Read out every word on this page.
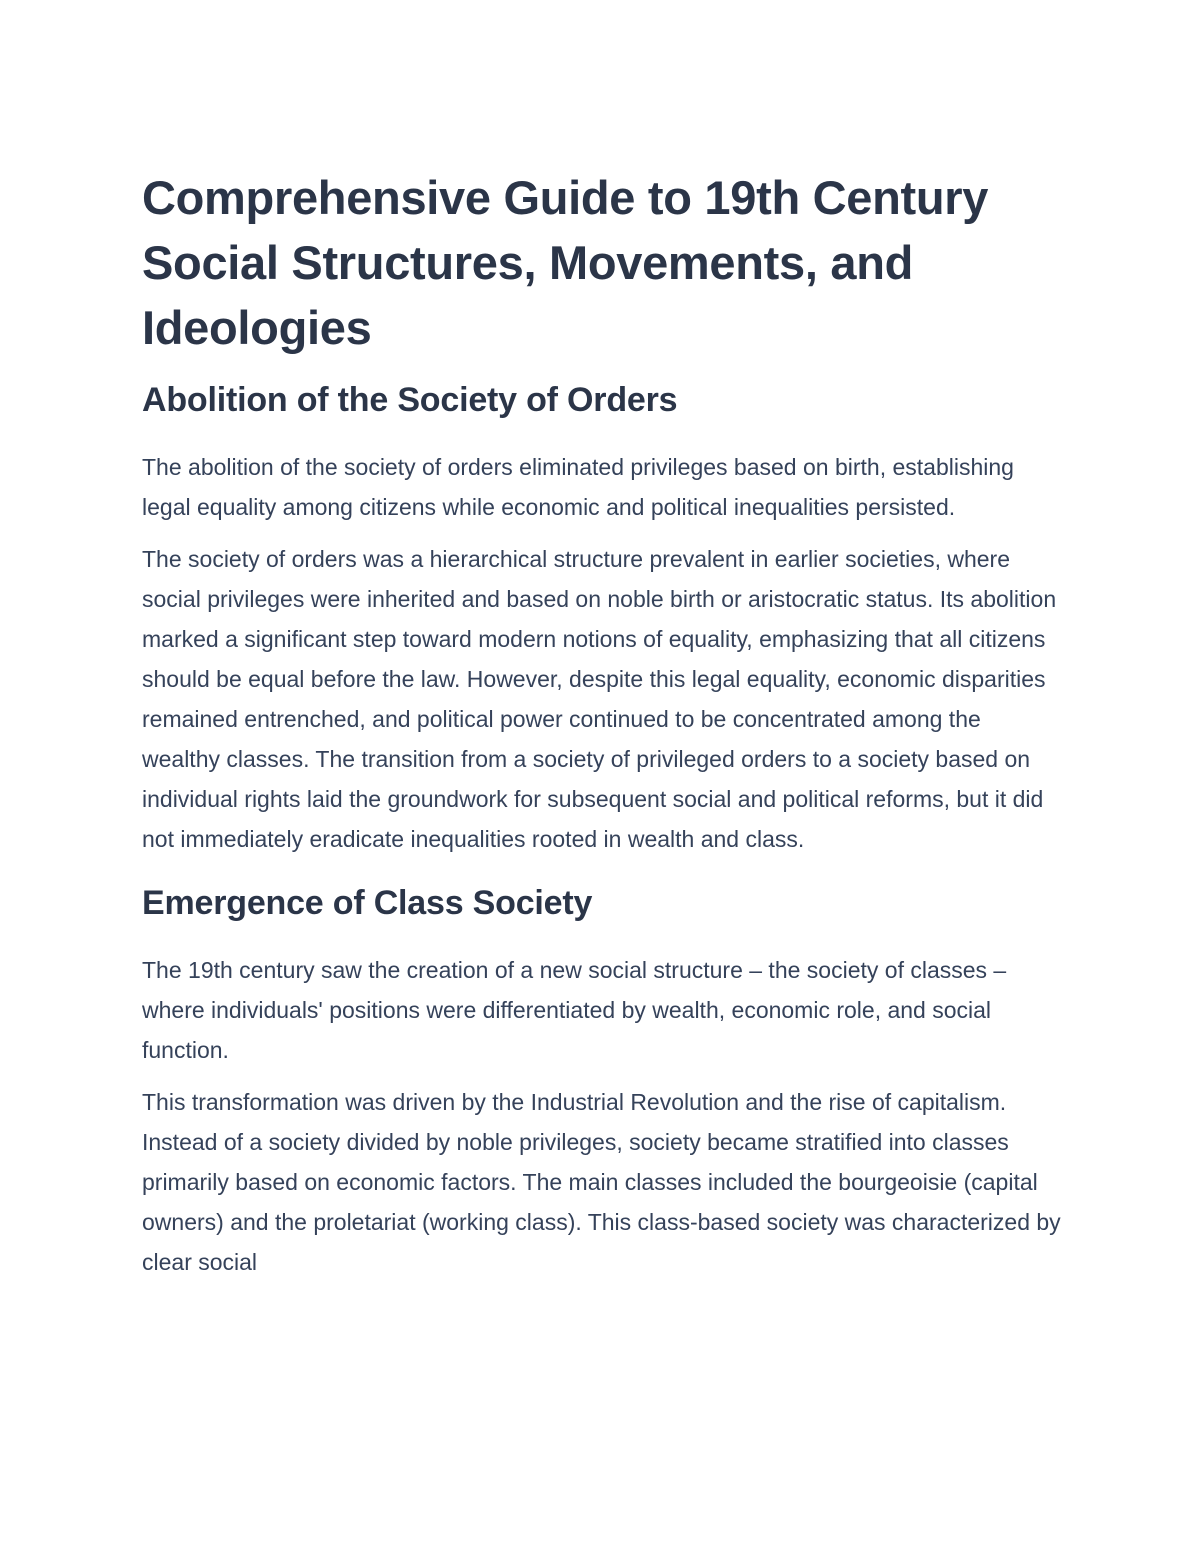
Comprehensive Guide to 19th Century Social Structures, Movements, and Ideologies
Abolition of the Society of Orders

The abolition of the society of orders eliminated privileges based on birth, establishing legal equality among citizens while economic and political inequalities persisted.

The society of orders was a hierarchical structure prevalent in earlier societies, where social privileges were inherited and based on noble birth or aristocratic status. Its abolition marked a significant step toward modern notions of equality, emphasizing that all citizens should be equal before the law. However, despite this legal equality, economic disparities remained entrenched, and political power continued to be concentrated among the wealthy classes. The transition from a society of privileged orders to a society based on individual rights laid the groundwork for subsequent social and political reforms, but it did not immediately eradicate inequalities rooted in wealth and class.

Emergence of Class Society

The 19th century saw the creation of a new social structure – the society of classes – where individuals' positions were differentiated by wealth, economic role, and social function.

This transformation was driven by the Industrial Revolution and the rise of capitalism. Instead of a society divided by noble privileges, society became stratified into classes primarily based on economic factors. The main classes included the bourgeoisie (capital owners) and the proletariat (working class). This class-based society was characterized by clear social
